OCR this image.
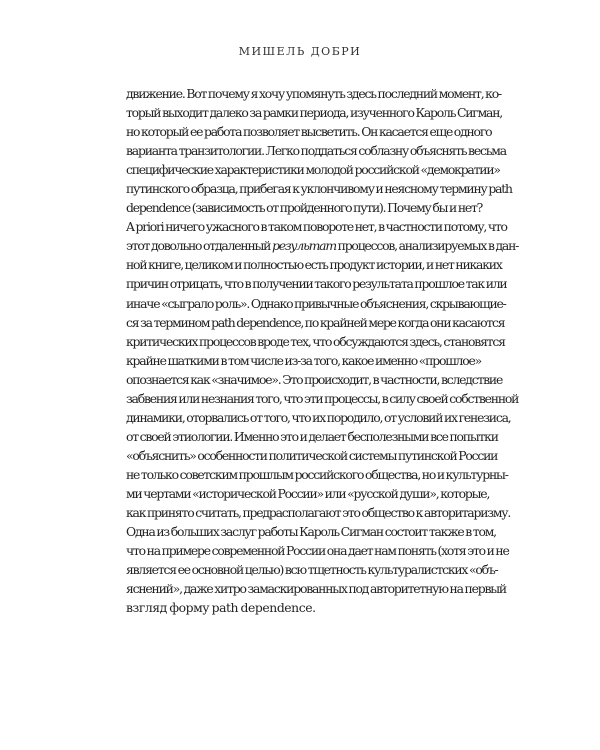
МИШЕЛЬ ДОБРИ
движение. Вот почему я хочу упомянуть здесь последний момент, ко-
торый выходит далеко за рамки периода, изученного Кароль Сигман,
но который ее работа позволяет высветить. Он касается еще одного
варианта транзитологии. Легко поддаться соблазну объяснять весьма
специфические характеристики молодой российской «демократии»
путинского образца, прибегая к уклончивому и неясному термину path
dependence (зависимость от пройденного пути). Почему бы и нет?
A priori ничего ужасного в таком повороте нет, в частности потому, что
этот довольно отдаленный результат процессов, анализируемых в дан-
ной книге, целиком и полностью есть продукт истории, и нет никаких
причин отрицать, что в получении такого результата прошлое так или
иначе «сыграло роль». Однако привычные объяснения, скрывающие-
ся за термином path dependence, по крайней мере когда они касаются
критических процессов вроде тех, что обсуждаются здесь, становятся
крайне шаткими в том числе из-за того, какое именно «прошлое»
опознается как «значимое». Это происходит, в частности, вследствие
забвения или незнания того, что эти процессы, в силу своей собственной
динамики, оторвались от того, что их породило, от условий их генезиса,
от своей этиологии. Именно это и делает бесполезными все попытки
«объяснить» особенности политической системы путинской России
не только советским прошлым российского общества, но и культурны-
ми чертами «исторической России» или «русской души», которые,
как принято считать, предрасполагают это общество к авторитаризму.
Одна из больших заслуг работы Кароль Сигман состоит также в том,
что на примере современной России она дает нам понять (хотя это и не
является ее основной целью) всю тщетность культуралистских «объ-
яснений», даже хитро замаскированных под авторитетную на первый
взгляд форму path dependence.
